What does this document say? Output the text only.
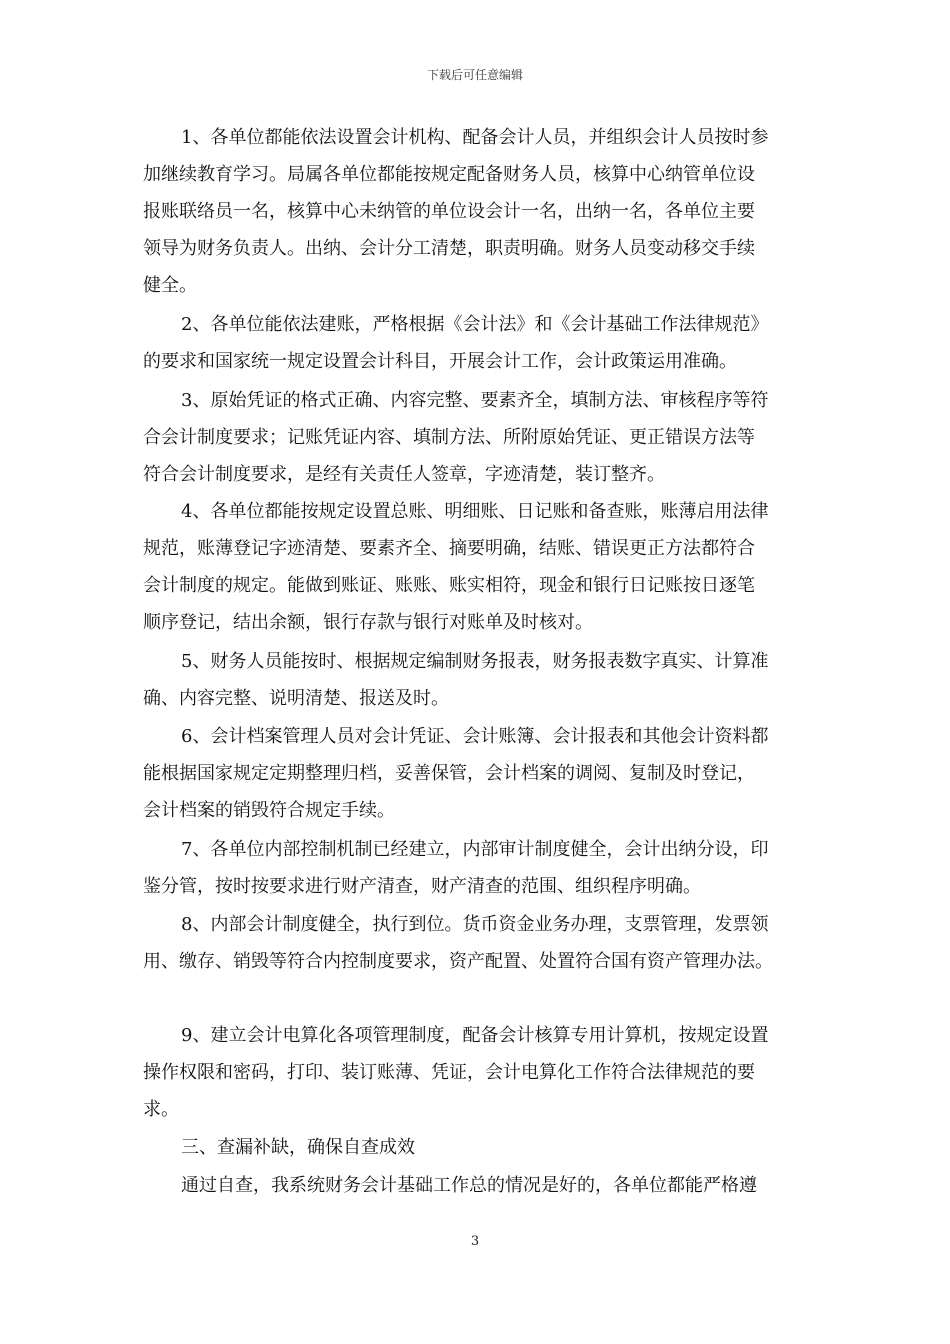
下载后可任意编辑
1、各单位都能依法设置会计机构、配备会计人员，并组织会计人员按时参
加继续教育学习。局属各单位都能按规定配备财务人员，核算中心纳管单位设
报账联络员一名，核算中心未纳管的单位设会计一名，出纳一名，各单位主要
领导为财务负责人。出纳、会计分工清楚，职责明确。财务人员变动移交手续
健全。
2、各单位能依法建账，严格根据《会计法》和《会计基础工作法律规范》
的要求和国家统一规定设置会计科目，开展会计工作，会计政策运用准确。
3、原始凭证的格式正确、内容完整、要素齐全，填制方法、审核程序等符
合会计制度要求；记账凭证内容、填制方法、所附原始凭证、更正错误方法等
符合会计制度要求，是经有关责任人签章，字迹清楚，装订整齐。
4、各单位都能按规定设置总账、明细账、日记账和备查账，账薄启用法律
规范，账薄登记字迹清楚、要素齐全、摘要明确，结账、错误更正方法都符合
会计制度的规定。能做到账证、账账、账实相符，现金和银行日记账按日逐笔
顺序登记，结出余额，银行存款与银行对账单及时核对。
5、财务人员能按时、根据规定编制财务报表，财务报表数字真实、计算准
确、内容完整、说明清楚、报送及时。
6、会计档案管理人员对会计凭证、会计账簿、会计报表和其他会计资料都
能根据国家规定定期整理归档，妥善保管，会计档案的调阅、复制及时登记，
会计档案的销毁符合规定手续。
7、各单位内部控制机制已经建立，内部审计制度健全，会计出纳分设，印
鉴分管，按时按要求进行财产清查，财产清查的范围、组织程序明确。
8、内部会计制度健全，执行到位。货币资金业务办理，支票管理，发票领
用、缴存、销毁等符合内控制度要求，资产配置、处置符合国有资产管理办法。
9、建立会计电算化各项管理制度，配备会计核算专用计算机，按规定设置
操作权限和密码，打印、装订账薄、凭证，会计电算化工作符合法律规范的要
求。
三、查漏补缺，确保自查成效
通过自查，我系统财务会计基础工作总的情况是好的，各单位都能严格遵
3
